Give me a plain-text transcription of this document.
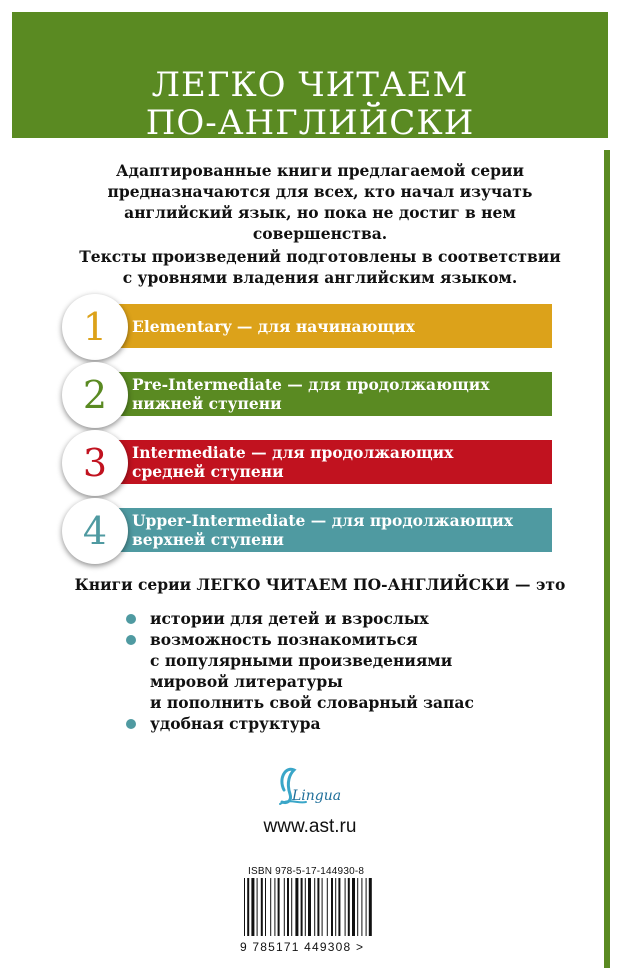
ЛЕГКО ЧИТАЕМ
ПО-АНГЛИЙСКИ

Адаптированные книги предлагаемой серии
предназначаются для всех, кто начал изучать
английский язык, но пока не достиг в нем
совершенства.

Тексты произведений подготовлены в соответствии
с уровнями владения английским языком.

Elementary — для начинающих
1
Pre-Intermediate — для продолжающих
нижней ступени
2
Intermediate — для продолжающих
средней ступени
3
Upper-Intermediate — для продолжающих
верхней ступени
4

Книги серии ЛЕГКО ЧИТАЕМ ПО-АНГЛИЙСКИ — это

истории для детей и взрослых
возможность познакомиться
с популярными произведениями
мировой литературы
и пополнить свой словарный запас
удобная структура
Lingua
www.ast.ru
ISBN 978-5-17-144930-8
9 785171 449308 >
